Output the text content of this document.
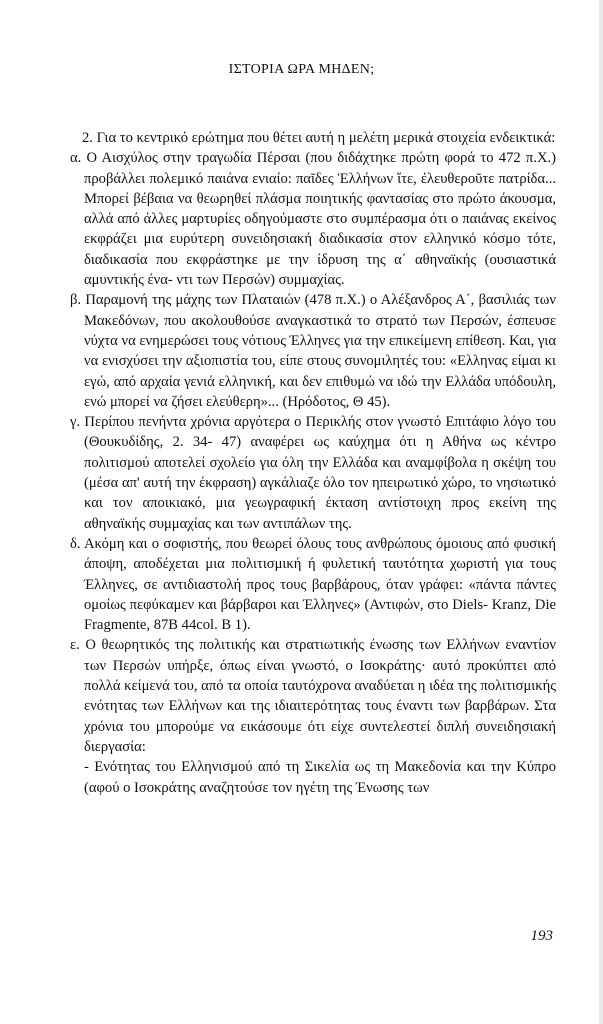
ΙΣΤΟΡΙΑ ΩΡΑ ΜΗΔΕΝ;

2. Για το κεντρικό ερώτημα που θέτει αυτή η μελέτη μερικά στοιχεία ενδεικτικά:

α. Ο Αισχύλος στην τραγωδία Πέρσαι (που διδάχτηκε πρώτη φορά το 472 π.Χ.) προβάλλει πολεμικό παιάνα ενιαίο: παῖδες Ἑλλήνων ἴτε, ἐλευθεροῦτε πατρίδα... Μπορεί βέβαια να θεωρηθεί πλάσμα ποιητικής φαντασίας στο πρώτο άκουσμα, αλλά από άλλες μαρτυρίες οδηγούμαστε στο συμπέρασμα ότι ο παιάνας εκείνος εκφράζει μια ευρύτερη συνειδησιακή διαδικασία στον ελληνικό κόσμο τότε, διαδικασία που εκφράστηκε με την ίδρυση της α΄ αθηναϊκής (ουσιαστικά αμυντικής ένα- ντι των Περσών) συμμαχίας.

β. Παραμονή της μάχης των Πλαταιών (478 π.Χ.) ο Αλέξανδρος Α΄, βασιλιάς των Μακεδόνων, που ακολουθούσε αναγκαστικά το στρατό των Περσών, έσπευσε νύχτα να ενημερώσει τους νότιους Έλληνες για την επικείμενη επίθεση. Και, για να ενισχύσει την αξιοπιστία του, είπε στους συνομιλητές του: «Ελληνας είμαι κι εγώ, από αρχαία γενιά ελληνική, και δεν επιθυμώ να ιδώ την Ελλάδα υπόδουλη, ενώ μπορεί να ζήσει ελεύθερη»... (Ηρόδοτος, Θ 45).

γ. Περίπου πενήντα χρόνια αργότερα ο Περικλής στον γνωστό Επιτάφιο λόγο του (Θουκυδίδης, 2. 34- 47) αναφέρει ως καύχημα ότι η Αθήνα ως κέντρο πολιτισμού αποτελεί σχολείο για όλη την Ελλάδα και αναμφίβολα η σκέψη του (μέσα απ' αυτή την έκφραση) αγκάλιαζε όλο τον ηπειρωτικό χώρο, το νησιωτικό και τον αποικιακό, μια γεωγραφική έκταση αντίστοιχη προς εκείνη της αθηναϊκής συμμαχίας και των αντιπάλων της.

δ. Ακόμη και ο σοφιστής, που θεωρεί όλους τους ανθρώπους όμοιους από φυσική άποψη, αποδέχεται μια πολιτισμική ή φυλετική ταυτότητα χωριστή για τους Έλληνες, σε αντιδιαστολή προς τους βαρβάρους, όταν γράφει: «πάντα πάντες ομοίως πεφύκαμεν και βάρβαροι και Έλληνες» (Αντιφών, στο Diels- Kranz, Die Fragmente, 87B 44col. B 1).

ε. Ο θεωρητικός της πολιτικής και στρατιωτικής ένωσης των Ελλήνων εναντίον των Περσών υπήρξε, όπως είναι γνωστό, ο Ισοκράτης· αυτό προκύπτει από πολλά κείμενά του, από τα οποία ταυτόχρονα αναδύεται η ιδέα της πολιτισμικής ενότητας των Ελλήνων και της ιδιαιτερότητας τους έναντι των βαρβάρων. Στα χρόνια του μπορούμε να εικάσουμε ότι είχε συντελεστεί διπλή συνειδησιακή διεργασία:

- Ενότητας του Ελληνισμού από τη Σικελία ως τη Μακεδονία και την Κύπρο (αφού ο Ισοκράτης αναζητούσε τον ηγέτη της Ένωσης των

193
